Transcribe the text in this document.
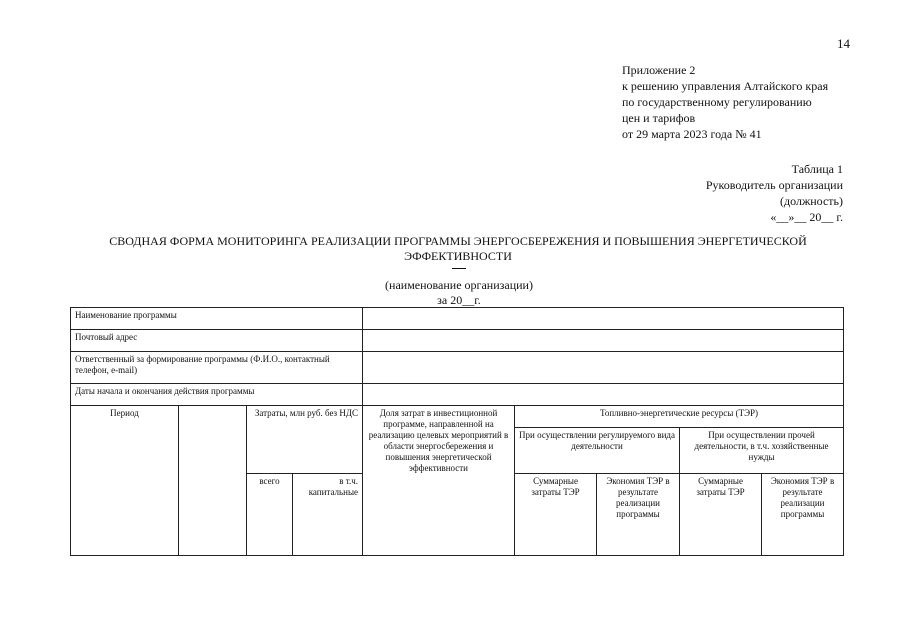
14
Приложение 2
к решению управления Алтайского края
по государственному регулированию
цен и тарифов
от 29 марта 2023 года № 41
Таблица 1
Руководитель организации
(должность)
«__»__ 20__ г.
СВОДНАЯ ФОРМА МОНИТОРИНГА РЕАЛИЗАЦИИ ПРОГРАММЫ ЭНЕРГОСБЕРЕЖЕНИЯ И ПОВЫШЕНИЯ ЭНЕРГЕТИЧЕСКОЙ ЭФФЕКТИВНОСТИ
(наименование организации)
за 20__г.
Наименование программы								
Почтовый адрес								
Ответственный за формирование программы (Ф.И.О., контактный телефон, e-mail)								
Даты начала и окончания действия программы								
Период		Затраты, млн руб. без НДС		Доля затрат в инвестиционной программе, направленной на реализацию целевых мероприятий в области энергосбережения и повышения энергетической эффективности	Топливно-энергетические ресурсы (ТЭР)			
					При осуществлении регулируемого вида деятельности		При осуществлении прочей деятельности, в т.ч. хозяйственные нужды	
		всего	в т.ч. капитальные		Суммарные затраты ТЭР	Экономия ТЭР в результате реализации программы	Суммарные затраты ТЭР	Экономия ТЭР в результате реализации программы
